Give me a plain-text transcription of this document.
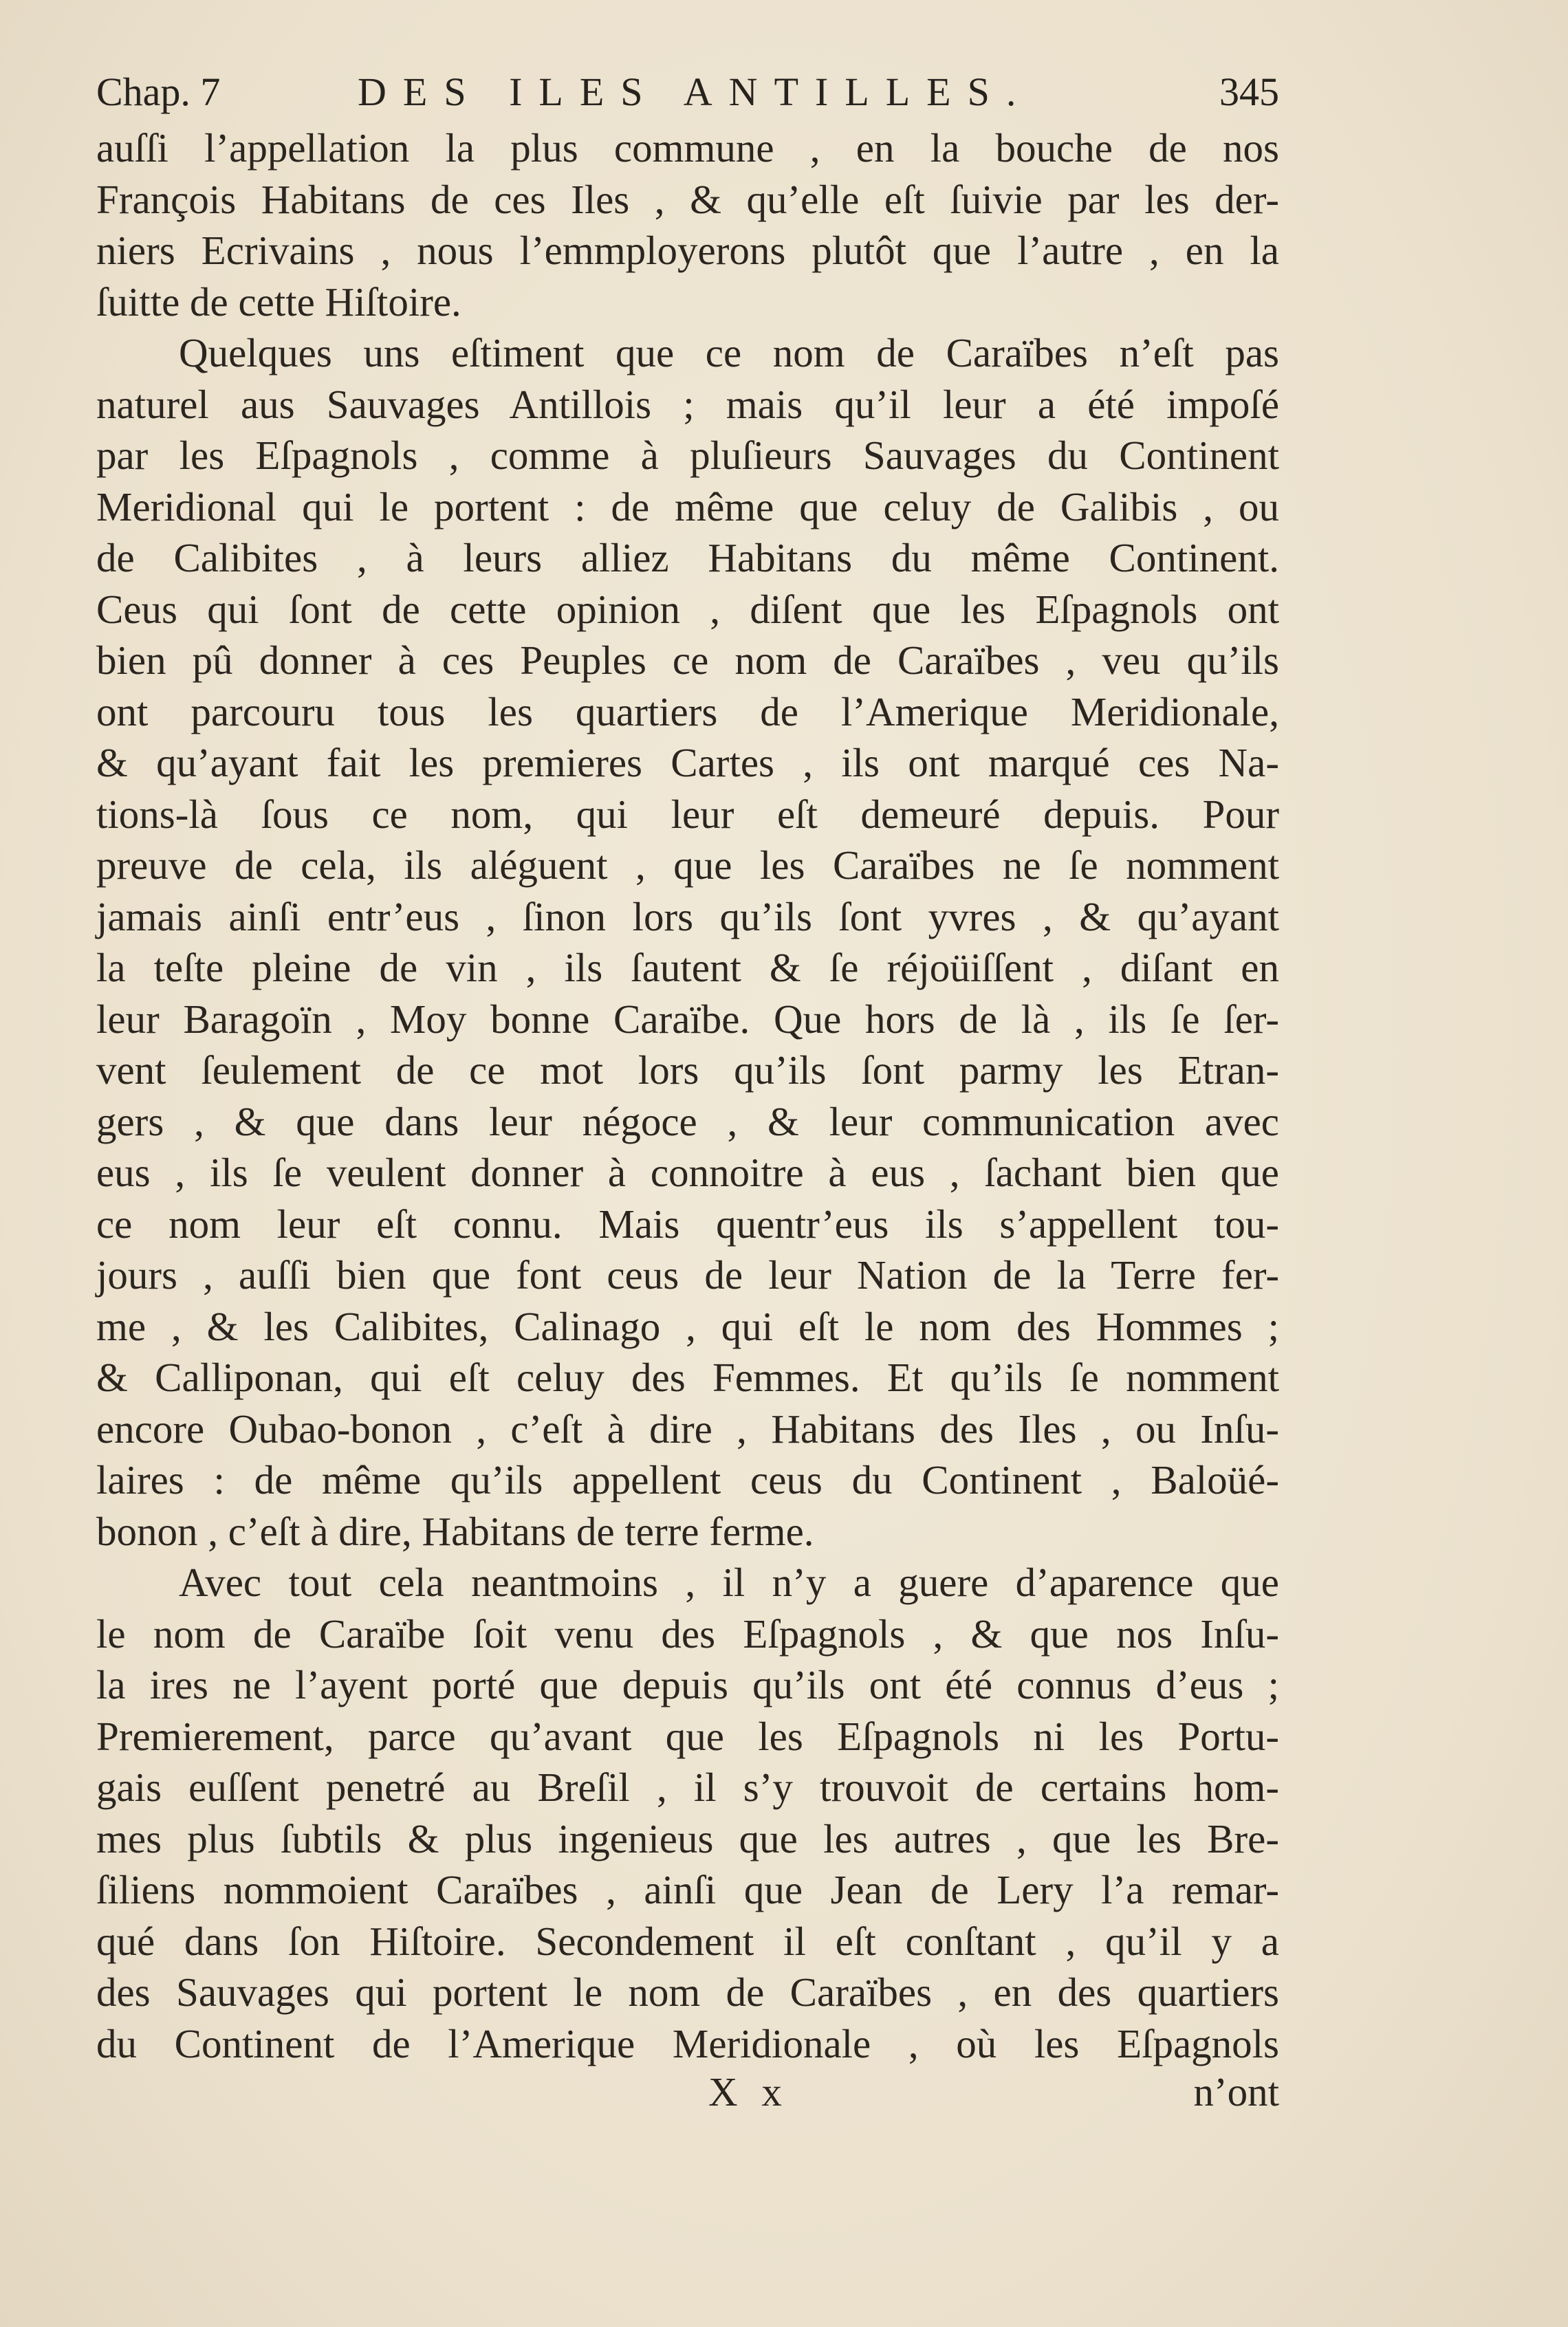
Chap. 7	DES ILES ANTILLES.	345
auſſi l’appellation la plus commune , en la bouche de nos
François Habitans de ces Iles , & qu’elle eſt ſuivie par les der-
niers Ecrivains , nous l’emmployerons plutôt que l’autre , en la
ſuitte de cette Hiſtoire.
Quelques uns eſtiment que ce nom de Caraïbes n’eſt pas
naturel aus Sauvages Antillois ; mais qu’il leur a été impoſé
par les Eſpagnols , comme à pluſieurs Sauvages du Continent
Meridional qui le portent : de même que celuy de Galibis , ou
de Calibites , à leurs alliez Habitans du même Continent.
Ceus qui ſont de cette opinion , diſent que les Eſpagnols ont
bien pû donner à ces Peuples ce nom de Caraïbes , veu qu’ils
ont parcouru tous les quartiers de l’Amerique Meridionale,
& qu’ayant fait les premieres Cartes , ils ont marqué ces Na-
tions-là ſous ce nom, qui leur eſt demeuré depuis. Pour
preuve de cela, ils aléguent , que les Caraïbes ne ſe nomment
jamais ainſi entr’eus , ſinon lors qu’ils ſont yvres , & qu’ayant
la teſte pleine de vin , ils ſautent & ſe réjoüiſſent , diſant en
leur Baragoïn , Moy bonne Caraïbe. Que hors de là , ils ſe ſer-
vent ſeulement de ce mot lors qu’ils ſont parmy les Etran-
gers , & que dans leur négoce , & leur communication avec
eus , ils ſe veulent donner à connoitre à eus , ſachant bien que
ce nom leur eſt connu. Mais quentr’eus ils s’appellent tou-
jours , auſſi bien que font ceus de leur Nation de la Terre fer-
me , & les Calibites, Calinago , qui eſt le nom des Hommes ;
& Calliponan, qui eſt celuy des Femmes. Et qu’ils ſe nomment
encore Oubao-bonon , c’eſt à dire , Habitans des Iles , ou Inſu-
laires : de même qu’ils appellent ceus du Continent , Baloüé-
bonon , c’eſt à dire, Habitans de terre ferme.
Avec tout cela neantmoins , il n’y a guere d’aparence que
le nom de Caraïbe ſoit venu des Eſpagnols , & que nos Inſu-
la ires ne l’ayent porté que depuis qu’ils ont été connus d’eus ;
Premierement, parce qu’avant que les Eſpagnols ni les Portu-
gais euſſent penetré au Breſil , il s’y trouvoit de certains hom-
mes plus ſubtils & plus ingenieus que les autres , que les Bre-
ſiliens nommoient Caraïbes , ainſi que Jean de Lery l’a remar-
qué dans ſon Hiſtoire. Secondement il eſt conſtant , qu’il y a
des Sauvages qui portent le nom de Caraïbes , en des quartiers
du Continent de l’Amerique Meridionale , où les Eſpagnols
X x	n’ont
